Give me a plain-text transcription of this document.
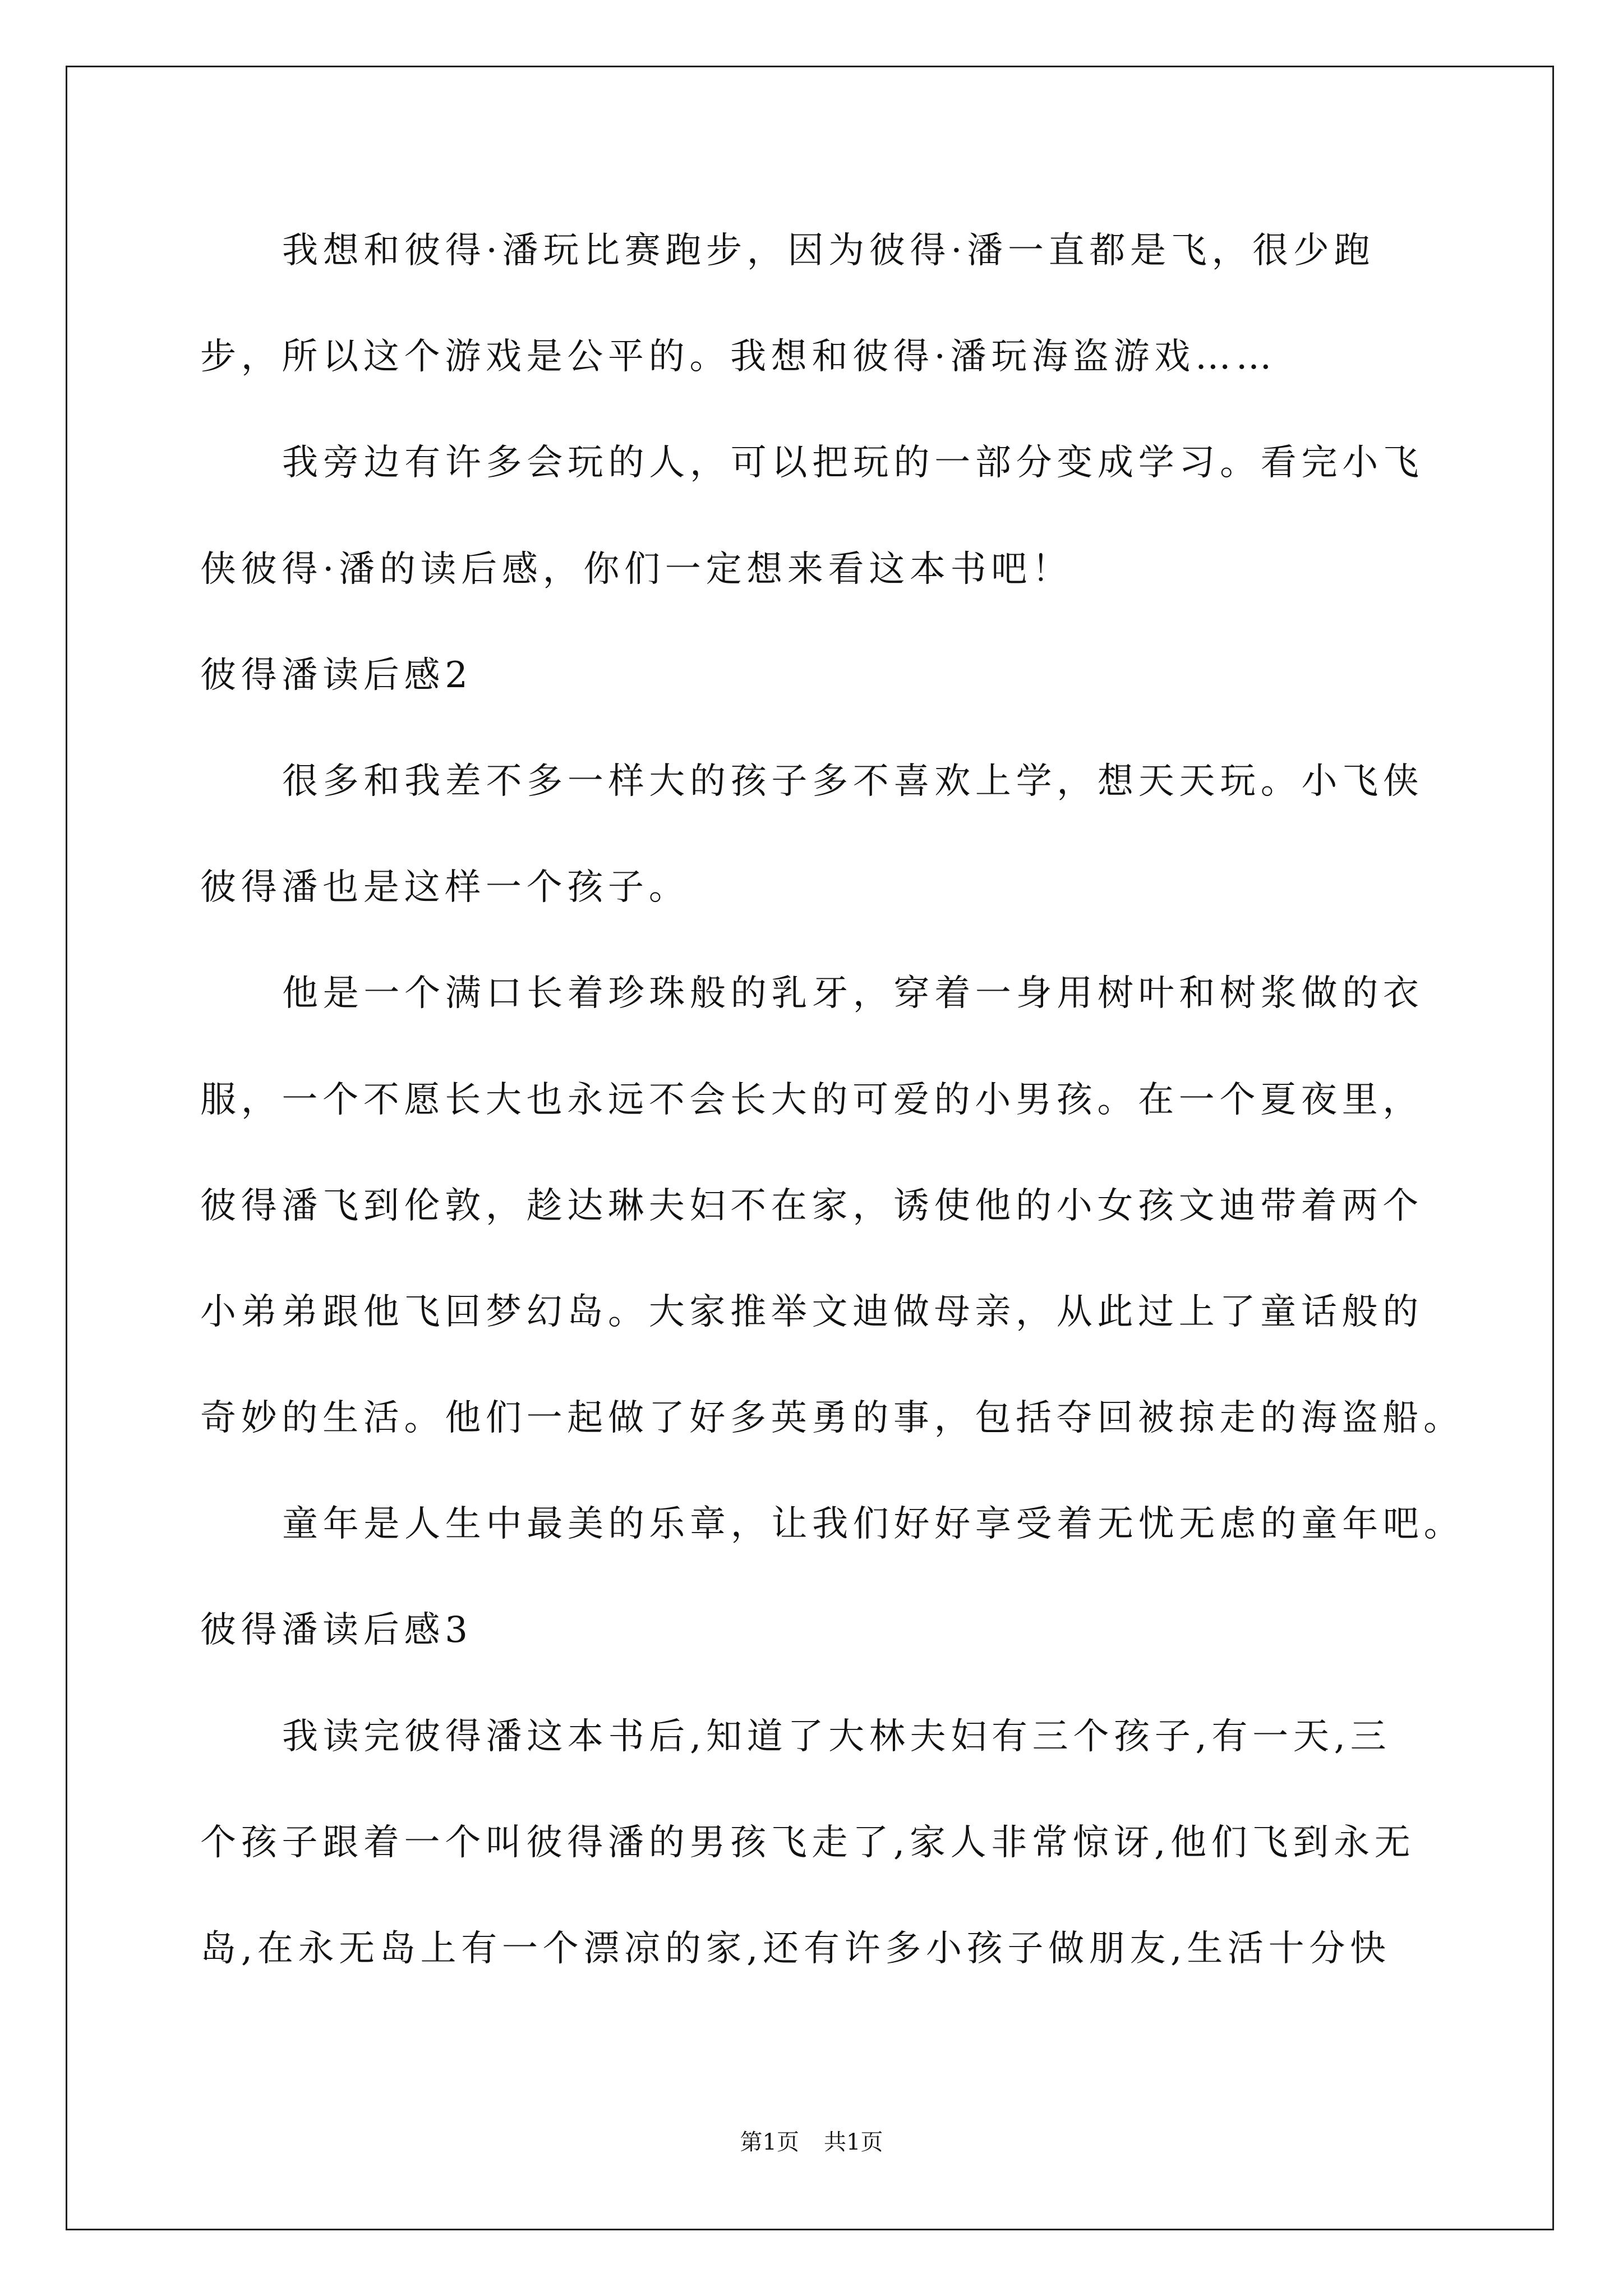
我想和彼得·潘玩比赛跑步，因为彼得·潘一直都是飞，很少跑
步，所以这个游戏是公平的。我想和彼得·潘玩海盗游戏……
我旁边有许多会玩的人，可以把玩的一部分变成学习。看完小飞
侠彼得·潘的读后感，你们一定想来看这本书吧！
彼得潘读后感2
很多和我差不多一样大的孩子多不喜欢上学，想天天玩。小飞侠
彼得潘也是这样一个孩子。
他是一个满口长着珍珠般的乳牙，穿着一身用树叶和树浆做的衣
服，一个不愿长大也永远不会长大的可爱的小男孩。在一个夏夜里，
彼得潘飞到伦敦，趁达琳夫妇不在家，诱使他的小女孩文迪带着两个
小弟弟跟他飞回梦幻岛。大家推举文迪做母亲，从此过上了童话般的
奇妙的生活。他们一起做了好多英勇的事，包括夺回被掠走的海盗船。
童年是人生中最美的乐章，让我们好好享受着无忧无虑的童年吧。
彼得潘读后感3
我读完彼得潘这本书后,知道了大林夫妇有三个孩子,有一天,三
个孩子跟着一个叫彼得潘的男孩飞走了,家人非常惊讶,他们飞到永无
岛,在永无岛上有一个漂凉的家,还有许多小孩子做朋友,生活十分快
第1页 共1页
